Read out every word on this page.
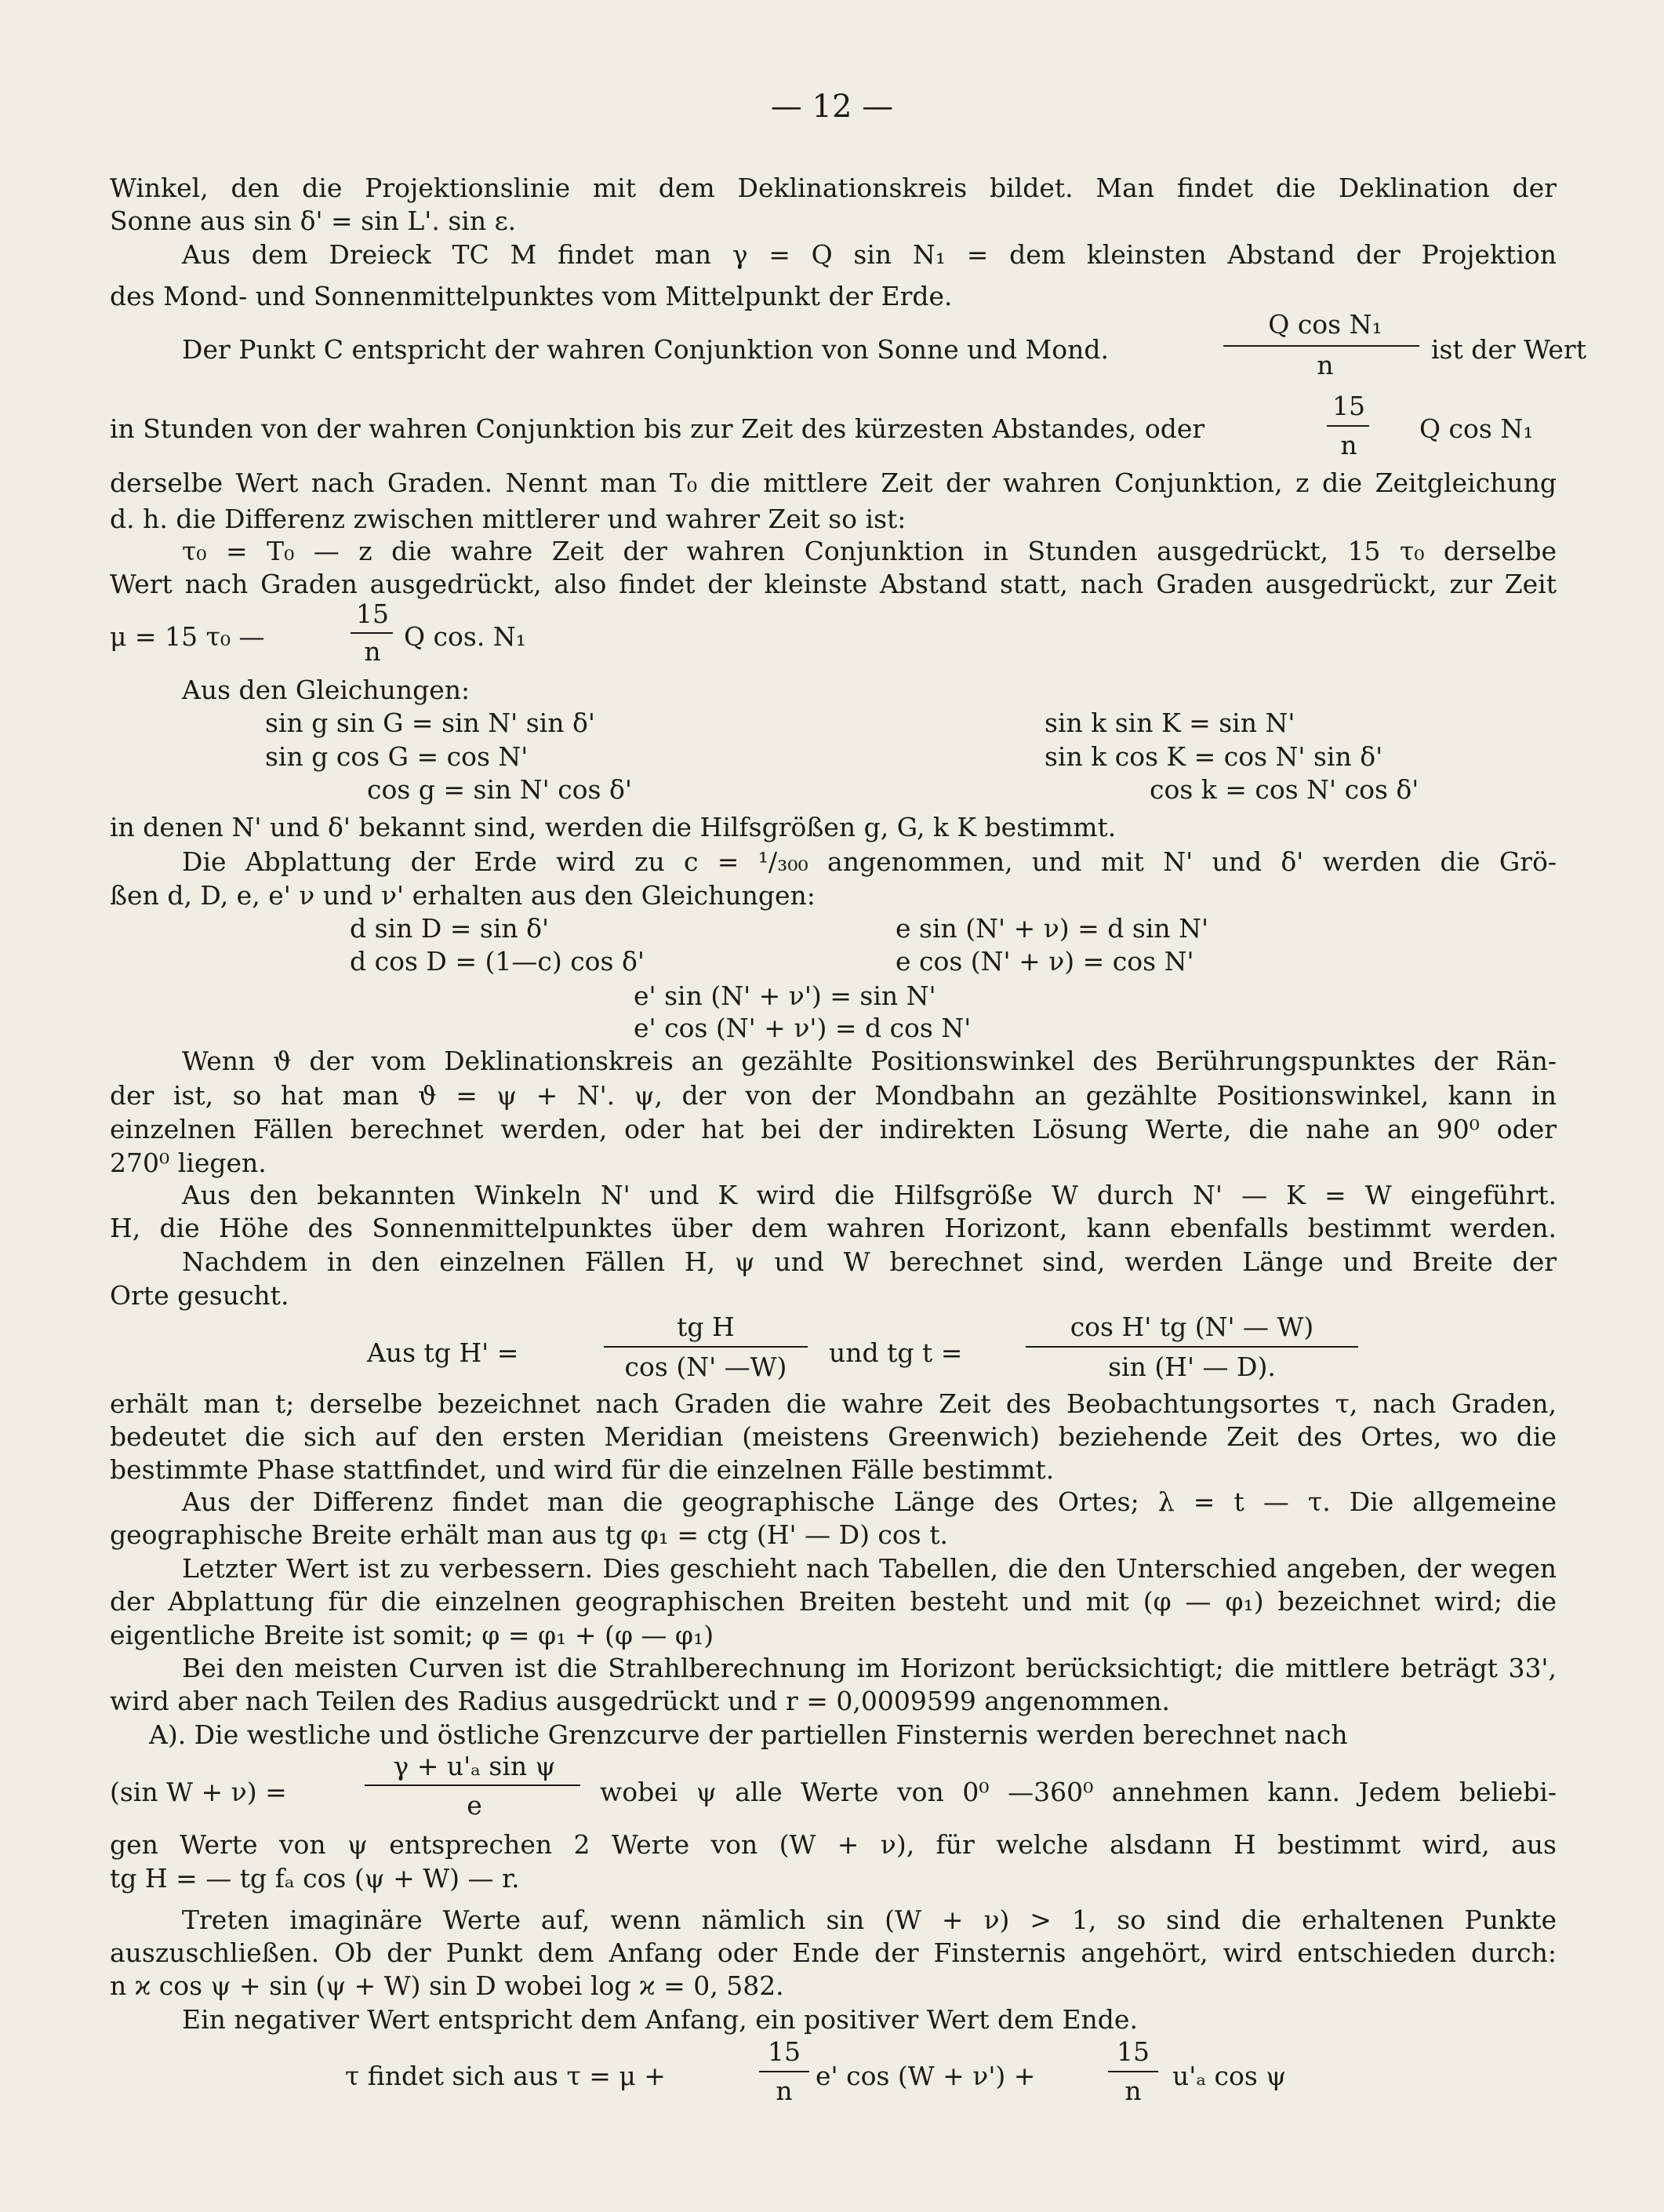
— 12 —
Winkel, den die Projektionslinie mit dem Deklinationskreis bildet. Man findet die Deklination der
Sonne aus sin δ' = sin L'. sin ε.
Aus dem Dreieck TC M findet man γ = Q sin N₁ = dem kleinsten Abstand der Projektion
des Mond- und Sonnenmittelpunktes vom Mittelpunkt der Erde.
Der Punkt C entspricht der wahren Conjunktion von Sonne und Mond.
Q cos N₁
n
ist der Wert
in Stunden von der wahren Conjunktion bis zur Zeit des kürzesten Abstandes, oder
15
n
Q cos N₁
derselbe Wert nach Graden. Nennt man T₀ die mittlere Zeit der wahren Conjunktion, z die Zeitgleichung
d. h. die Differenz zwischen mittlerer und wahrer Zeit so ist:
τ₀ = T₀ — z die wahre Zeit der wahren Conjunktion in Stunden ausgedrückt, 15 τ₀ derselbe
Wert nach Graden ausgedrückt, also findet der kleinste Abstand statt, nach Graden ausgedrückt, zur Zeit
μ = 15 τ₀ —
15
n Q cos. N₁
Aus den Gleichungen:
sin g sin G = sin N' sin δ'	sin k sin K = sin N'
sin g cos G = cos N'	sin k cos K = cos N' sin δ'
cos g = sin N' cos δ'	cos k = cos N' cos δ'
in denen N' und δ' bekannt sind, werden die Hilfsgrößen g, G, k K bestimmt.
Die Abplattung der Erde wird zu c = ¹/₃₀₀ angenommen, und mit N' und δ' werden die Grö-
ßen d, D, e, e' ν und ν' erhalten aus den Gleichungen:
d sin D = sin δ'	e sin (N' + ν) = d sin N'
d cos D = (1—c) cos δ'	e cos (N' + ν) = cos N'
e' sin (N' + ν') = sin N'
e' cos (N' + ν') = d cos N'
Wenn ϑ der vom Deklinationskreis an gezählte Positionswinkel des Berührungspunktes der Rän-
der ist, so hat man ϑ = ψ + N'. ψ, der von der Mondbahn an gezählte Positionswinkel, kann in
einzelnen Fällen berechnet werden, oder hat bei der indirekten Lösung Werte, die nahe an 90⁰ oder
270⁰ liegen.
Aus den bekannten Winkeln N' und K wird die Hilfsgröße W durch N' — K = W eingeführt.
H, die Höhe des Sonnenmittelpunktes über dem wahren Horizont, kann ebenfalls bestimmt werden.
Nachdem in den einzelnen Fällen H, ψ und W berechnet sind, werden Länge und Breite der
Orte gesucht.
Aus tg H' =
tg H
cos (N' —W)	und tg t =
cos H' tg (N' — W)
sin (H' — D).
erhält man t; derselbe bezeichnet nach Graden die wahre Zeit des Beobachtungsortes τ, nach Graden,
bedeutet die sich auf den ersten Meridian (meistens Greenwich) beziehende Zeit des Ortes, wo die
bestimmte Phase stattfindet, und wird für die einzelnen Fälle bestimmt.
Aus der Differenz findet man die geographische Länge des Ortes; λ = t — τ. Die allgemeine
geographische Breite erhält man aus tg φ₁ = ctg (H' — D) cos t.
Letzter Wert ist zu verbessern. Dies geschieht nach Tabellen, die den Unterschied angeben, der wegen
der Abplattung für die einzelnen geographischen Breiten besteht und mit (φ — φ₁) bezeichnet wird; die
eigentliche Breite ist somit; φ = φ₁ + (φ — φ₁)
Bei den meisten Curven ist die Strahlberechnung im Horizont berücksichtigt; die mittlere beträgt 33',
wird aber nach Teilen des Radius ausgedrückt und r = 0,0009599 angenommen.
A). Die westliche und östliche Grenzcurve der partiellen Finsternis werden berechnet nach
(sin W + ν) =
γ + u'ₐ sin ψ
e	wobei ψ alle Werte von 0⁰ —360⁰ annehmen kann. Jedem beliebi-
gen Werte von ψ entsprechen 2 Werte von (W + ν), für welche alsdann H bestimmt wird, aus
tg H = — tg fₐ cos (ψ + W) — r.
Treten imaginäre Werte auf, wenn nämlich sin (W + ν) > 1, so sind die erhaltenen Punkte
auszuschließen. Ob der Punkt dem Anfang oder Ende der Finsternis angehört, wird entschieden durch:
n ϰ cos ψ + sin (ψ + W) sin D wobei log ϰ = 0, 582.
Ein negativer Wert entspricht dem Anfang, ein positiver Wert dem Ende.
τ findet sich aus τ = μ +
15
n e' cos (W + ν') +
15
n	u'ₐ cos ψ
